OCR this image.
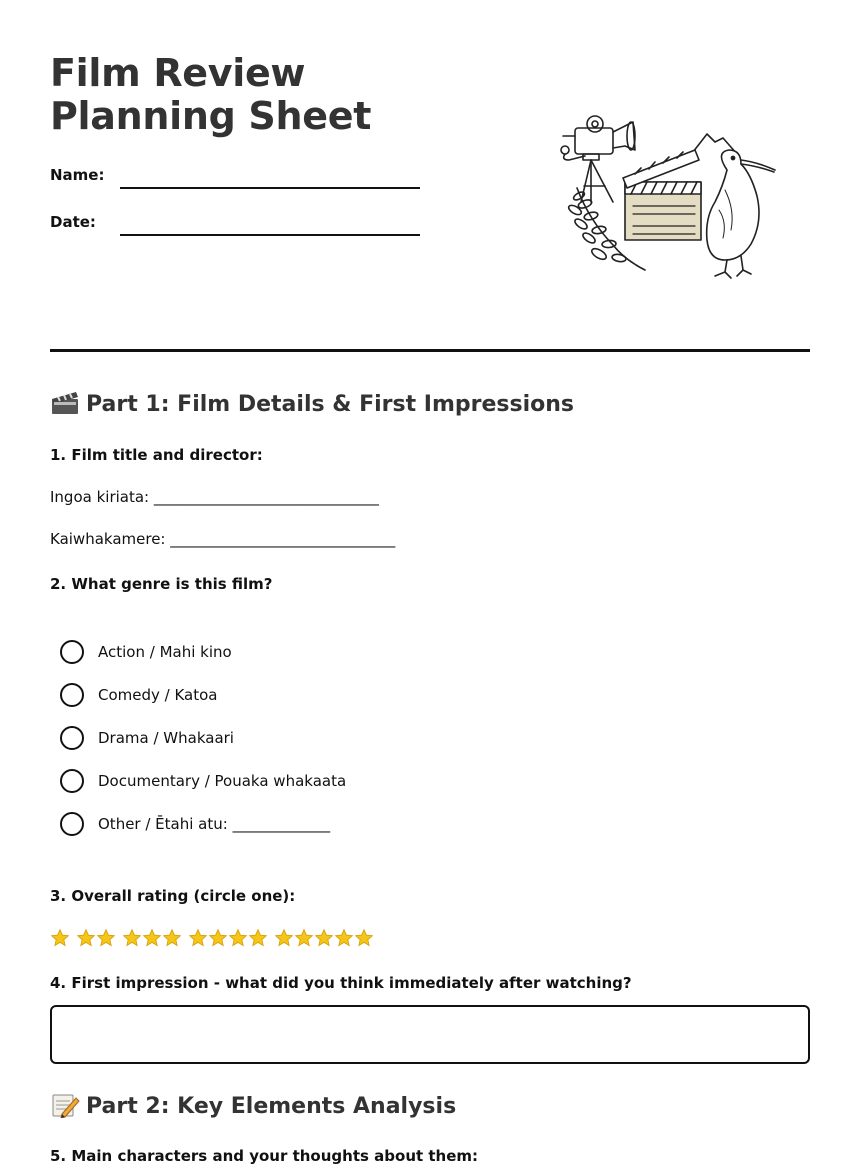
Film Review Planning Sheet
Name:
Date:
Part 1: Film Details & First Impressions
1. Film title and director:
Ingoa kiriata: ______________________________
Kaiwhakamere: ______________________________
2. What genre is this film?
Action / Mahi kino
Comedy / Katoa
Drama / Whakaari
Documentary / Pouaka whakaata
Other / Ētahi atu: _____________
3. Overall rating (circle one):
4. First impression - what did you think immediately after watching?
Part 2: Key Elements Analysis
5. Main characters and your thoughts about them:
